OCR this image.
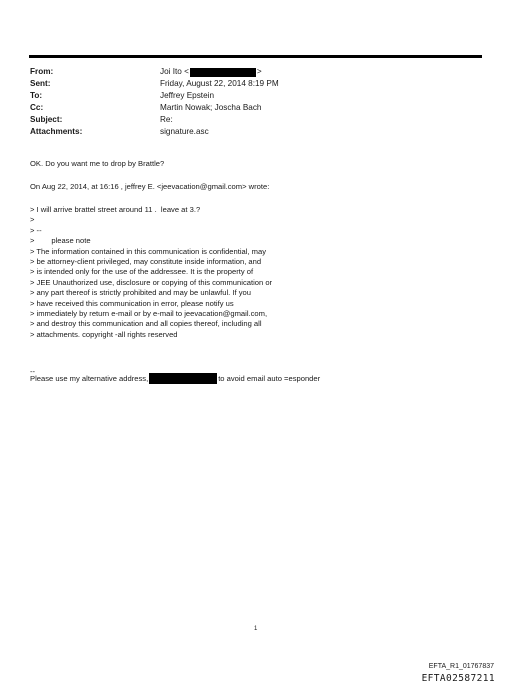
From:	Joi Ito <	>
Sent:	Friday, August 22, 2014 8:19 PM
To:	Jeffrey Epstein
Cc:	Martin Nowak; Joscha Bach
Subject:	Re:
Attachments:	signature.asc
OK. Do you want me to drop by Brattle?
On Aug 22, 2014, at 16:16 , jeffrey E. <jeevacation@gmail.com> wrote:
> I will arrive brattel street around 11 .  leave at 3.?
>
> --
>        please note
> The information contained in this communication is confidential, may
> be attorney-client privileged, may constitute inside information, and
> is intended only for the use of the addressee. It is the property of
> JEE Unauthorized use, disclosure or copying of this communication or
> any part thereof is strictly prohibited and may be unlawful. If you
> have received this communication in error, please notify us
> immediately by return e-mail or by e-mail to jeevacation@gmail.com,
> and destroy this communication and all copies thereof, including all
> attachments. copyright -all rights reserved
--
Please use my alternative address,	to avoid email auto =esponder
1
EFTA_R1_01767837
EFTA02587211
